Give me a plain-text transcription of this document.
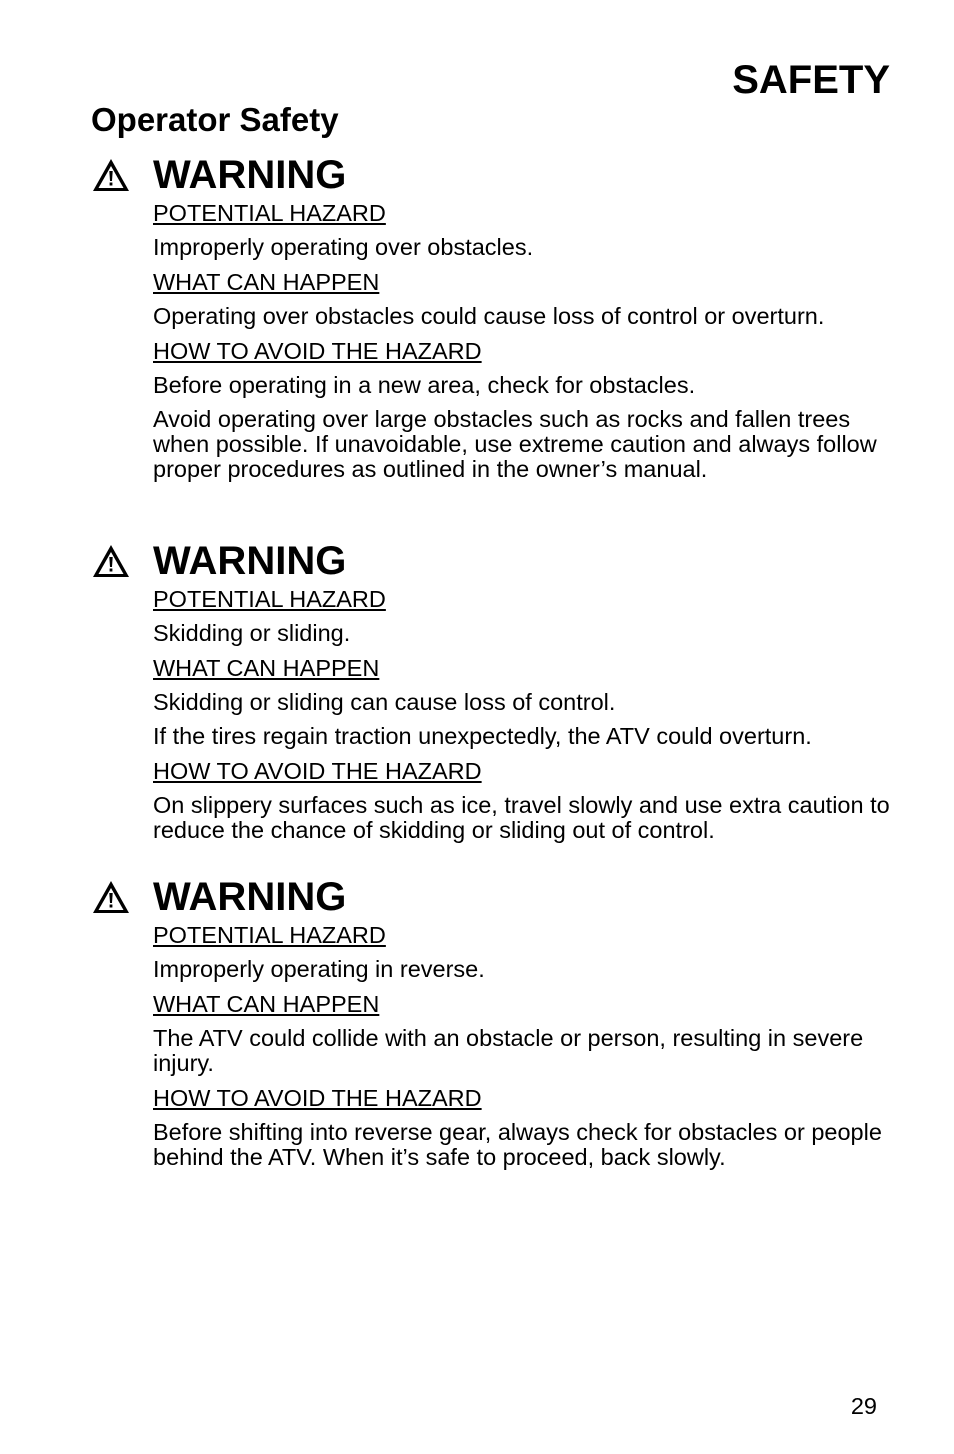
SAFETY
Operator Safety
WARNING

POTENTIAL HAZARD

Improperly operating over obstacles.

WHAT CAN HAPPEN

Operating over obstacles could cause loss of control or overturn.

HOW TO AVOID THE HAZARD

Before operating in a new area, check for obstacles.

Avoid operating over large obstacles such as rocks and fallen trees when possible. If unavoidable, use extreme caution and always follow proper procedures as outlined in the owner’s manual.

WARNING

POTENTIAL HAZARD

Skidding or sliding.

WHAT CAN HAPPEN

Skidding or sliding can cause loss of control.

If the tires regain traction unexpectedly, the ATV could overturn.

HOW TO AVOID THE HAZARD

On slippery surfaces such as ice, travel slowly and use extra caution to reduce the chance of skidding or sliding out of control.

WARNING

POTENTIAL HAZARD

Improperly operating in reverse.

WHAT CAN HAPPEN

The ATV could collide with an obstacle or person, resulting in severe injury.

HOW TO AVOID THE HAZARD

Before shifting into reverse gear, always check for obstacles or people behind the ATV. When it’s safe to proceed, back slowly.

29
